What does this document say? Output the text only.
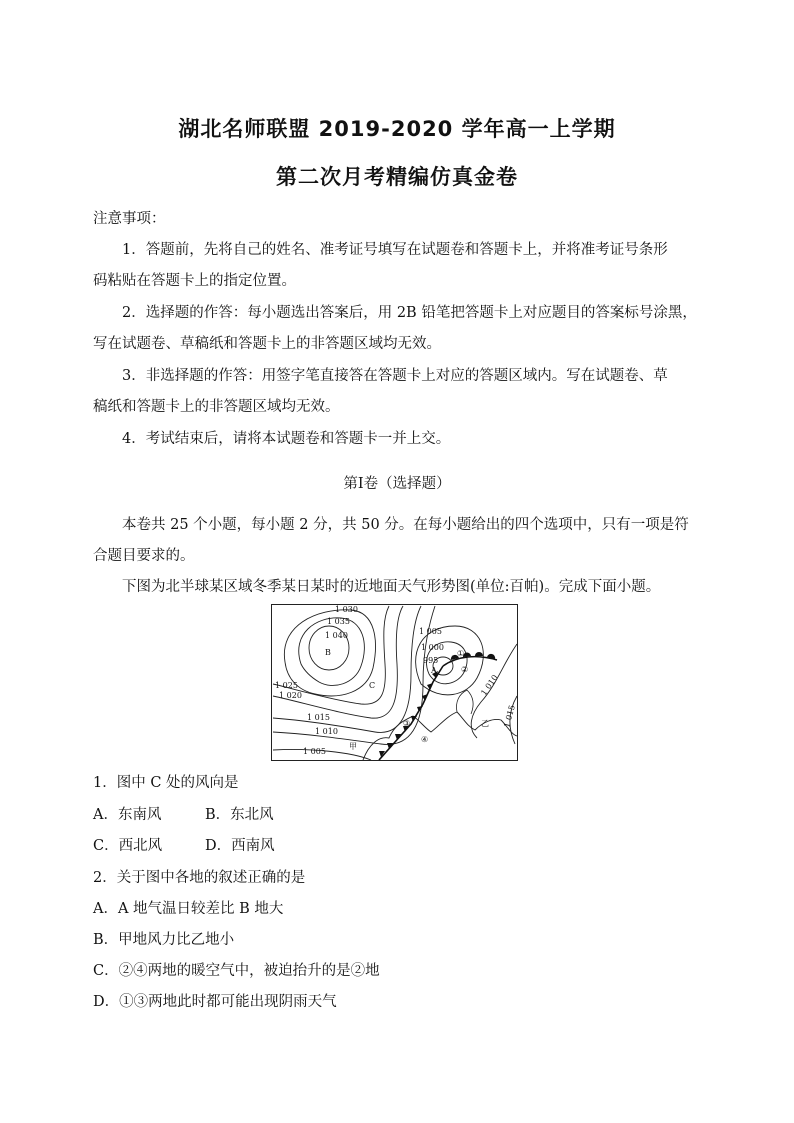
湖北名师联盟 2019-2020 学年高一上学期
第二次月考精编仿真金卷
注意事项：
1．答题前，先将自己的姓名、准考证号填写在试题卷和答题卡上，并将准考证号条形
码粘贴在答题卡上的指定位置。
2．选择题的作答：每小题选出答案后，用 2B 铅笔把答题卡上对应题目的答案标号涂黑，
写在试题卷、草稿纸和答题卡上的非答题区域均无效。
3．非选择题的作答：用签字笔直接答在答题卡上对应的答题区域内。写在试题卷、草
稿纸和答题卡上的非答题区域均无效。
4．考试结束后，请将本试题卷和答题卡一并上交。
第Ⅰ卷（选择题）
本卷共 25 个小题，每小题 2 分，共 50 分。在每小题给出的四个选项中，只有一项是符
合题目要求的。
下图为北半球某区域冬季某日某时的近地面天气形势图(单位:百帕)。完成下面小题。
1 030
1 035
1 040
B
1 025
1 020
1 015
1 010
1 005
C
甲
1 005
1 000
995
A
①
②
③
④
乙
1 010
1 015
1．图中 C 处的风向是
A．东南风	B．东北风
C．西北风	D．西南风
2．关于图中各地的叙述正确的是
A．A 地气温日较差比 B 地大
B．甲地风力比乙地小
C．②④两地的暖空气中，被迫抬升的是②地
D．①③两地此时都可能出现阴雨天气
